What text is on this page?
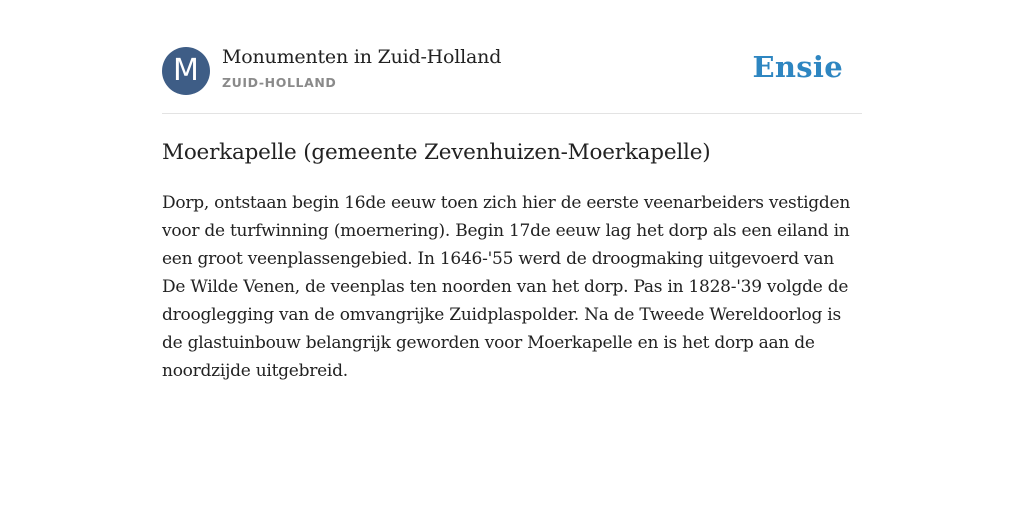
M	Monumenten in Zuid-Holland
ZUID-HOLLAND	Ensie
Moerkapelle (gemeente Zevenhuizen-Moerkapelle)

Dorp, ontstaan begin 16de eeuw toen zich hier de eerste veenarbeiders vestigden voor de turfwinning (moernering). Begin 17de eeuw lag het dorp als een eiland in een groot veenplassengebied. In 1646-'55 werd de droogmaking uitgevoerd van De Wilde Venen, de veenplas ten noorden van het dorp. Pas in 1828-'39 volgde de drooglegging van de omvangrijke Zuidplaspolder. Na de Tweede Wereldoorlog is de glastuinbouw belangrijk geworden voor Moerkapelle en is het dorp aan de noordzijde uitgebreid.
